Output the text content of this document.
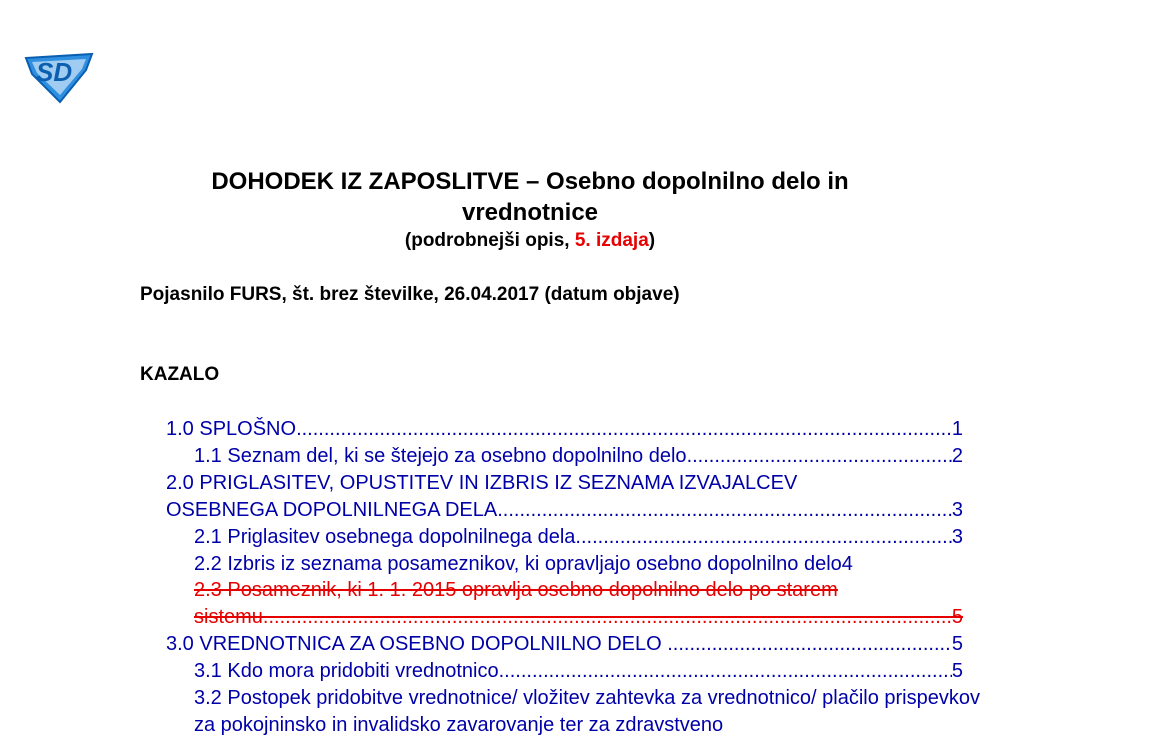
SD
DOHODEK IZ ZAPOSLITVE – Osebno dopolnilno delo in vrednotnice

(podrobnejši opis, 5. izdaja)

Pojasnilo FURS, št. brez številke, 26.04.2017 (datum objave)

KAZALO

1.0 SPLOŠNO .....	1
1.1 Seznam del, ki se štejejo za osebno dopolnilno delo .....	2
2.0 PRIGLASITEV, OPUSTITEV IN IZBRIS IZ SEZNAMA IZVAJALCEV
OSEBNEGA DOPOLNILNEGA DELA .....	3
2.1 Priglasitev osebnega dopolnilnega dela .....	3
2.2 Izbris iz seznama posameznikov, ki opravljajo osebno dopolnilno delo 4
2.3 Posameznik, ki 1. 1. 2015 opravlja osebno dopolnilno delo po starem
sistemu .....	5
3.0 VREDNOTNICA ZA OSEBNO DOPOLNILNO DELO .....	5
3.1 Kdo mora pridobiti vrednotnico .....	5
3.2 Postopek pridobitve vrednotnice/ vložitev zahtevka za vrednotnico/ plačilo prispevkov za pokojninsko in invalidsko zavarovanje ter za zdravstveno
